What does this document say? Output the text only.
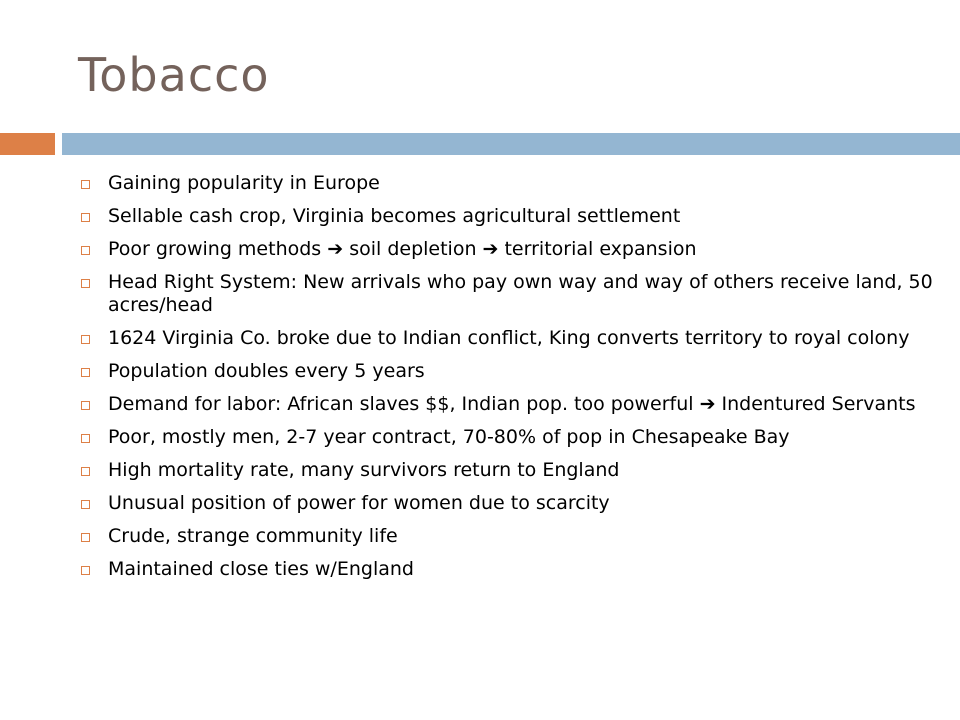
Tobacco
Gaining popularity in Europe
Sellable cash crop, Virginia becomes agricultural settlement
Poor growing methods ➔ soil depletion ➔ territorial expansion
Head Right System: New arrivals who pay own way and way of others receive land, 50 acres/head
1624 Virginia Co. broke due to Indian conflict, King converts territory to royal colony
Population doubles every 5 years
Demand for labor: African slaves $$, Indian pop. too powerful ➔ Indentured Servants
Poor, mostly men, 2-7 year contract, 70-80% of pop in Chesapeake Bay
High mortality rate, many survivors return to England
Unusual position of power for women due to scarcity
Crude, strange community life
Maintained close ties w/England
